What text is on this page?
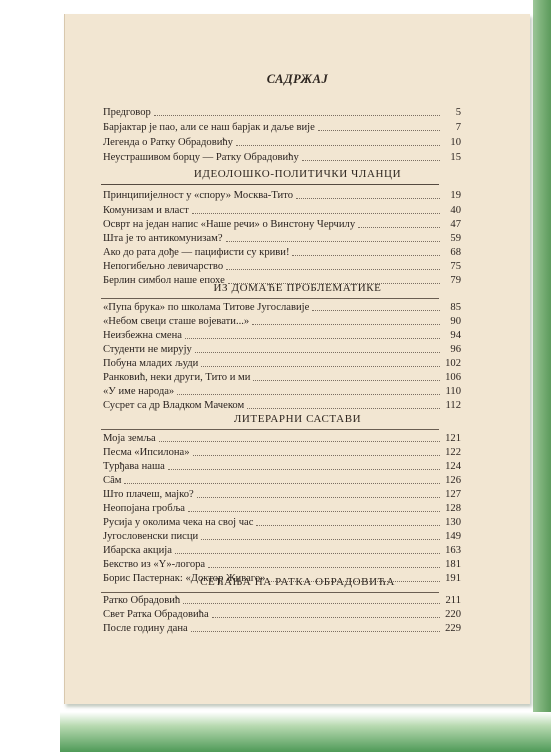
САДРЖАЈ
Предговор	5
Барјактар је пао, али се наш барјак и даље вије	7
Легенда о Ратку Обрадовићу	10
Неустрашивом борцу — Ратку Обрадовићу	15
ИДЕОЛОШКО-ПОЛИТИЧКИ ЧЛАНЦИ
Принципијелност у «спору» Москва-Тито	19
Комунизам и власт	40
Осврт на један напис «Наше речи» о Винстону Черчилу	47
Шта је то антикомунизам?	59
Ако до рата дође — пацифисти су криви!	68
Непогибељно левичарство	75
Берлин симбол наше епохе	79
ИЗ ДОМАЋЕ ПРОБЛЕМАТИКЕ
«Пупа брука» по школама Титове Југославије	85
«Небом свеци сташе војевати...»	90
Неизбежна смена	94
Студенти не мирују	96
Побуна младих људи	102
Ранковић, неки други, Тито и ми	106
«У име народа»	110
Сусрет са др Владком Мачеком	112
ЛИТЕРАРНИ САСТАВИ
Моја земља	121
Песма «Ипсилона»	122
Турђава наша	124
Сâм	126
Што плачеш, мајко?	127
Неопојана гробља	128
Русија у околима чека на свој час	130
Југословенски писци	149
Ибарска акција	163
Бекство из «Y»-логора	181
Борис Пастернак: «Доктор Живаго»	191
СЕЋАЊА НА РАТКА ОБРАДОВИЋА
Ратко Обрадовић	211
Свет Ратка Обрадовића	220
После годину дана	229
